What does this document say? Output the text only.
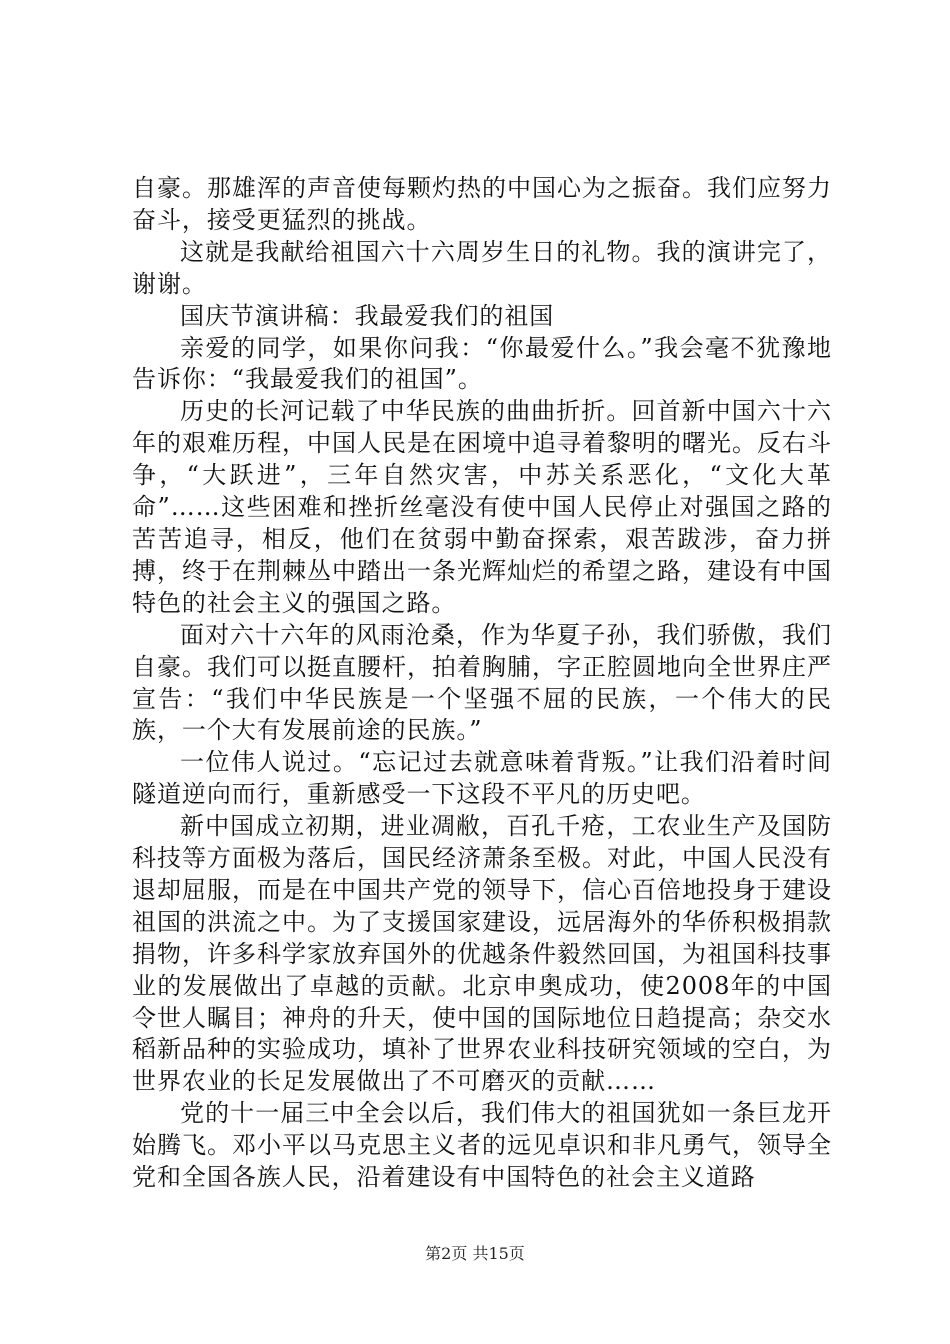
自豪。那雄浑的声音使每颗灼热的中国心为之振奋。我们应努力奋斗，接受更猛烈的挑战。

这就是我献给祖国六十六周岁生日的礼物。我的演讲完了，谢谢。

国庆节演讲稿：我最爱我们的祖国

亲爱的同学，如果你问我：“你最爱什么。”我会毫不犹豫地告诉你：“我最爱我们的祖国”。

历史的长河记载了中华民族的曲曲折折。回首新中国六十六年的艰难历程，中国人民是在困境中追寻着黎明的曙光。反右斗争，“大跃进”，三年自然灾害，中苏关系恶化，“文化大革命”……这些困难和挫折丝毫没有使中国人民停止对强国之路的苦苦追寻，相反，他们在贫弱中勤奋探索，艰苦跋涉，奋力拼搏，终于在荆棘丛中踏出一条光辉灿烂的希望之路，建设有中国特色的社会主义的强国之路。

面对六十六年的风雨沧桑，作为华夏子孙，我们骄傲，我们自豪。我们可以挺直腰杆，拍着胸脯，字正腔圆地向全世界庄严宣告：“我们中华民族是一个坚强不屈的民族，一个伟大的民族，一个大有发展前途的民族。”

一位伟人说过。“忘记过去就意味着背叛。”让我们沿着时间隧道逆向而行，重新感受一下这段不平凡的历史吧。

新中国成立初期，进业凋敝，百孔千疮，工农业生产及国防科技等方面极为落后，国民经济萧条至极。对此，中国人民没有退却屈服，而是在中国共产党的领导下，信心百倍地投身于建设祖国的洪流之中。为了支援国家建设，远居海外的华侨积极捐款捐物，许多科学家放弃国外的优越条件毅然回国，为祖国科技事业的发展做出了卓越的贡献。北京申奥成功，使2008年的中国令世人瞩目；神舟的升天，使中国的国际地位日趋提高；杂交水稻新品种的实验成功，填补了世界农业科技研究领域的空白，为世界农业的长足发展做出了不可磨灭的贡献……

党的十一届三中全会以后，我们伟大的祖国犹如一条巨龙开始腾飞。邓小平以马克思主义者的远见卓识和非凡勇气，领导全党和全国各族人民，沿着建设有中国特色的社会主义道路

第2页 共15页
